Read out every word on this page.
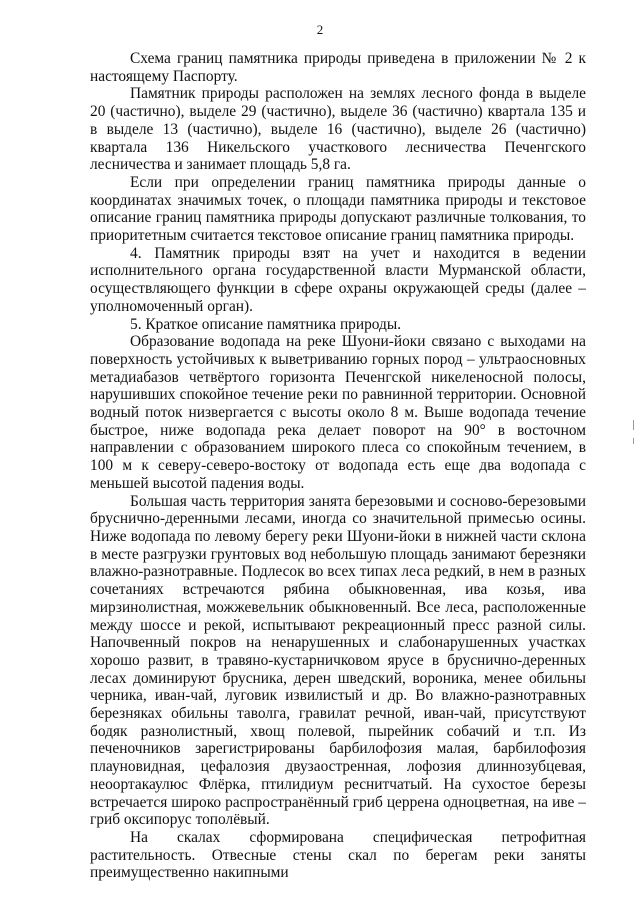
2

Схема границ памятника природы приведена в приложении № 2 к настоящему Паспорту.

Памятник природы расположен на землях лесного фонда в выделе 20 (частично), выделе 29 (частично), выделе 36 (частично) квартала 135 и в выделе 13 (частично), выделе 16 (частично), выделе 26 (частично) квартала 136 Никельского участкового лесничества Печенгского лесничества и занимает площадь 5,8 га.

Если при определении границ памятника природы данные о координатах значимых точек, о площади памятника природы и текстовое описание границ памятника природы допускают различные толкования, то приоритетным считается текстовое описание границ памятника природы.

4. Памятник природы взят на учет и находится в ведении исполнительного органа государственной власти Мурманской области, осуществляющего функции в сфере охраны окружающей среды (далее – уполномоченный орган).

5. Краткое описание памятника природы.

Образование водопада на реке Шуони-йоки связано с выходами на поверхность устойчивых к выветриванию горных пород – ультраосновных метадиабазов четвёртого горизонта Печенгской никеленосной полосы, нарушивших спокойное течение реки по равнинной территории. Основной водный поток низвергается с высоты около 8 м. Выше водопада течение быстрое, ниже водопада река делает поворот на 90° в восточном направлении с образованием широкого плеса со спокойным течением, в 100 м к северу-северо-востоку от водопада есть еще два водопада с меньшей высотой падения воды.

Большая часть территория занята березовыми и сосново-березовыми бруснично-деренными лесами, иногда со значительной примесью осины. Ниже водопада по левому берегу реки Шуони-йоки в нижней части склона в месте разгрузки грунтовых вод небольшую площадь занимают березняки влажно-разнотравные. Подлесок во всех типах леса редкий, в нем в разных сочетаниях встречаются рябина обыкновенная, ива козья, ива мирзинолистная, можжевельник обыкновенный. Все леса, расположенные между шоссе и рекой, испытывают рекреационный пресс разной силы. Напочвенный покров на ненарушенных и слабонарушенных участках хорошо развит, в травяно-кустарничковом ярусе в бруснично-деренных лесах доминируют брусника, дерен шведский, вороника, менее обильны черника, иван-чай, луговик извилистый и др. Во влажно-разнотравных березняках обильны таволга, гравилат речной, иван-чай, присутствуют бодяк разнолистный, хвощ полевой, пырейник собачий и т.п. Из печеночников зарегистрированы барбилофозия малая, барбилофозия плауновидная, цефалозия двузаостренная, лофозия длиннозубцевая, неоортакаулюс Флёрка, птилидиум реснитчатый. На сухостое березы встречается широко распространённый гриб церрена одноцветная, на иве – гриб оксипорус тополёвый.

На скалах сформирована специфическая петрофитная растительность. Отвесные стены скал по берегам реки заняты преимущественно накипными
